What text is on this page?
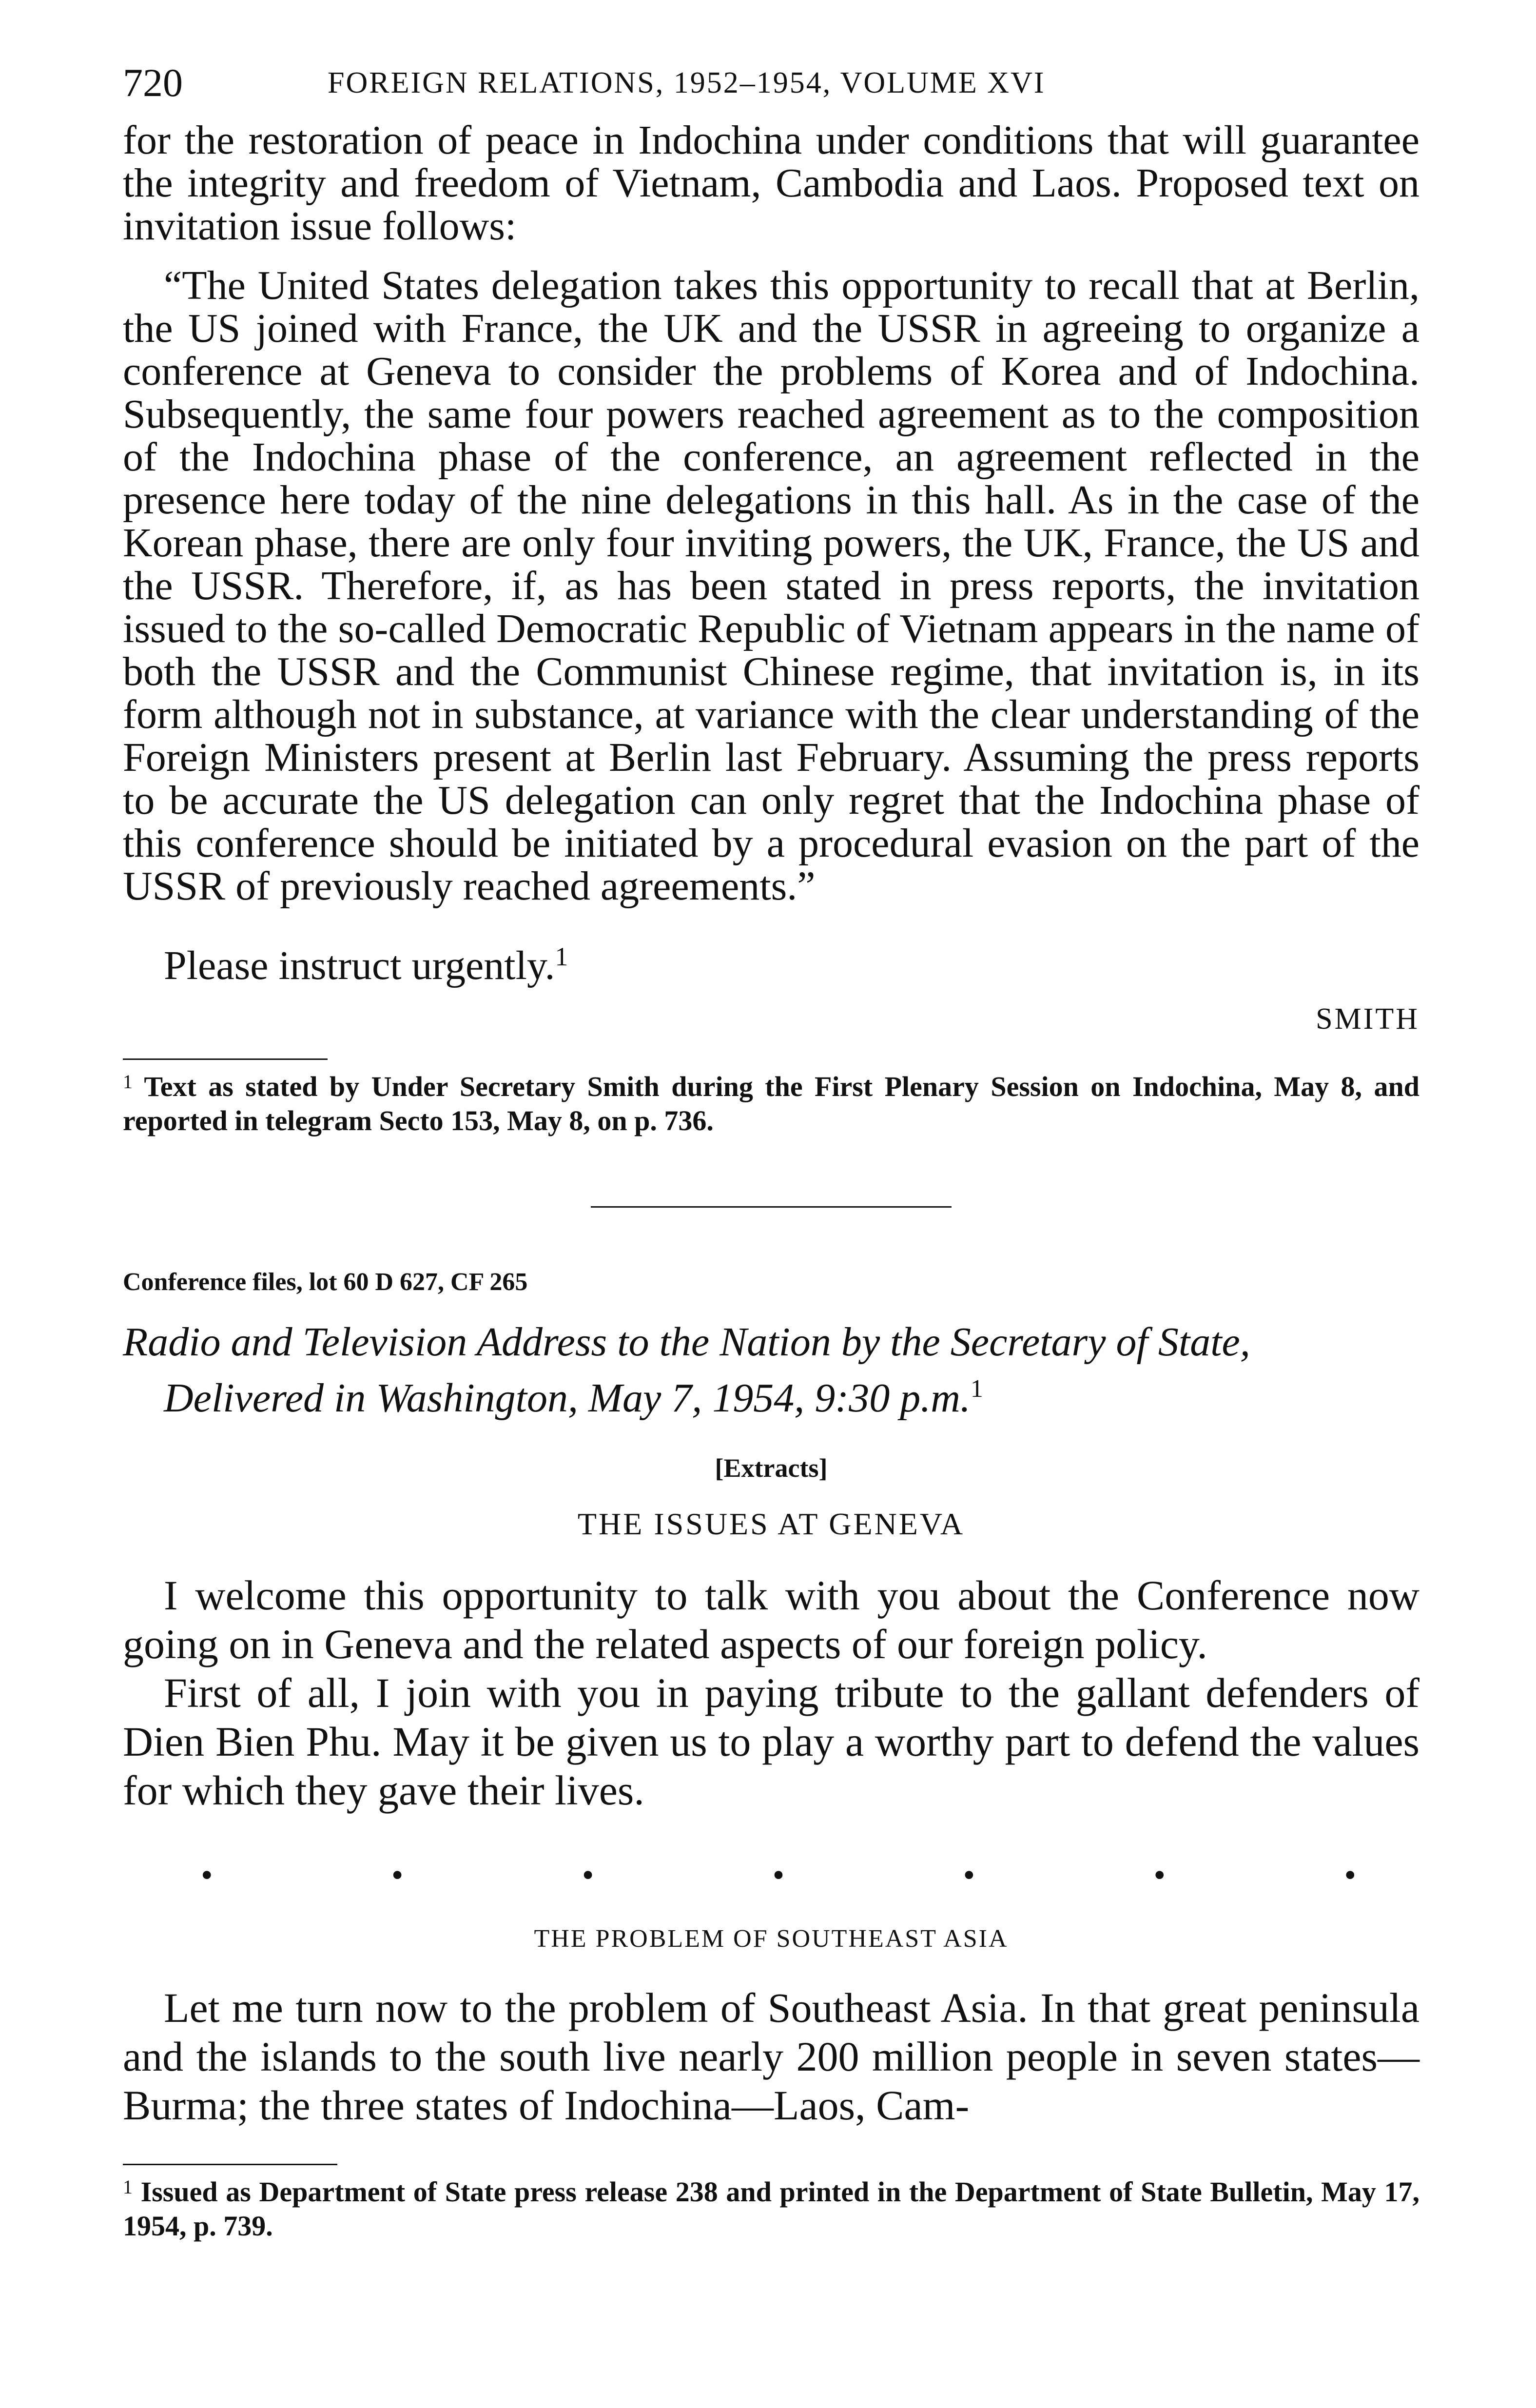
720	FOREIGN RELATIONS, 1952–1954, VOLUME XVI

for the restoration of peace in Indochina under conditions that will guarantee the integrity and freedom of Vietnam, Cambodia and Laos. Proposed text on invitation issue follows:

“The United States delegation takes this opportunity to recall that at Berlin, the US joined with France, the UK and the USSR in agreeing to organize a conference at Geneva to consider the problems of Korea and of Indochina. Subsequently, the same four powers reached agreement as to the composition of the Indochina phase of the conference, an agreement reflected in the presence here today of the nine delegations in this hall. As in the case of the Korean phase, there are only four inviting powers, the UK, France, the US and the USSR. Therefore, if, as has been stated in press reports, the invitation issued to the so-called Democratic Republic of Vietnam appears in the name of both the USSR and the Communist Chinese regime, that invitation is, in its form although not in substance, at variance with the clear understanding of the Foreign Ministers present at Berlin last February. Assuming the press reports to be accurate the US delegation can only regret that the Indochina phase of this conference should be initiated by a procedural evasion on the part of the USSR of previously reached agreements.”

Please instruct urgently.$^1$

SMITH

$^1$ Text as stated by Under Secretary Smith during the First Plenary Session on Indochina, May 8, and reported in telegram Secto 153, May 8, on p. 736.

Conference files, lot 60 D 627, CF 265
Radio and Television Address to the Nation by the Secretary of State, Delivered in Washington, May 7, 1954, 9:30 p.m.$^1$
[Extracts]
THE ISSUES AT GENEVA

I welcome this opportunity to talk with you about the Conference now going on in Geneva and the related aspects of our foreign policy.

First of all, I join with you in paying tribute to the gallant defenders of Dien Bien Phu. May it be given us to play a worthy part to defend the values for which they gave their lives.

•	•	•	•	•	•	•
THE PROBLEM OF SOUTHEAST ASIA

Let me turn now to the problem of Southeast Asia. In that great peninsula and the islands to the south live nearly 200 million people in seven states—Burma; the three states of Indochina—Laos, Cam-

$^1$ Issued as Department of State press release 238 and printed in the Department of State Bulletin, May 17, 1954, p. 739.
